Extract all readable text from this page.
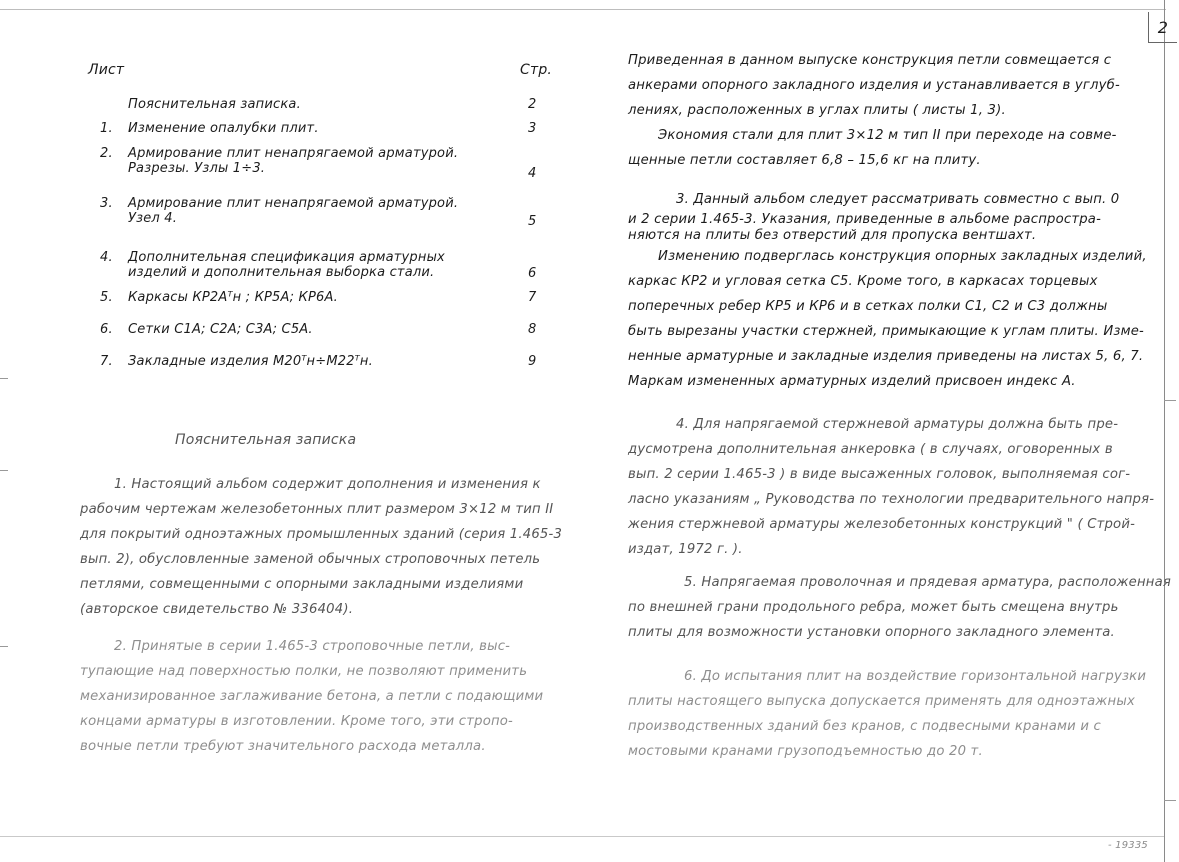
2
Лист	Стр.
Пояснительная записка.	2
1.	Изменение опалубки плит.	3
2.	Армирование плит ненапрягаемой арматурой. Разрезы. Узлы 1÷3.	4
3.	Армирование плит ненапрягаемой арматурой. Узел 4.	5
4.	Дополнительная спецификация арматурных изделий и дополнительная выборка стали.	6
5.	Каркасы КР2Аᵀн ; КР5А; КР6А.	7
6.	Сетки С1А; С2А; С3А; С5А.	8
7.	Закладные изделия М20ᵀн÷М22ᵀн.	9
Пояснительная записка
1. Настоящий альбом содержит дополнения и изменения к
рабочим чертежам железобетонных плит размером 3×12 м тип II
для покрытий одноэтажных промышленных зданий (серия 1.465-3
вып. 2), обусловленные заменой обычных строповочных петель
петлями, совмещенными с опорными закладными изделиями
(авторское свидетельство № 336404).
2. Принятые в серии 1.465-3 строповочные петли, выс-
тупающие над поверхностью полки, не позволяют применить
механизированное заглаживание бетона, а петли с подающими
концами арматуры в изготовлении. Кроме того, эти стропо-
вочные петли требуют значительного расхода металла.
Приведенная в данном выпуске конструкция петли совмещается с
анкерами опорного закладного изделия и устанавливается в углуб-
лениях, расположенных в углах плиты ( листы 1, 3).
Экономия стали для плит 3×12 м тип II при переходе на совме-
щенные петли составляет 6,8 – 15,6 кг на плиту.
3. Данный альбом следует рассматривать совместно с вып. 0
и 2 серии 1.465-3. Указания, приведенные в альбоме распростра-
няются на плиты без отверстий для пропуска вентшахт.
Изменению подверглась конструкция опорных закладных изделий,
каркас КР2 и угловая сетка С5. Кроме того, в каркасах торцевых
поперечных ребер КР5 и КР6 и в сетках полки С1, С2 и С3 должны
быть вырезаны участки стержней, примыкающие к углам плиты. Изме-
ненные арматурные и закладные изделия приведены на листах 5, 6, 7.
Маркам измененных арматурных изделий присвоен индекс А.
4. Для напрягаемой стержневой арматуры должна быть пре-
дусмотрена дополнительная анкеровка ( в случаях, оговоренных в
вып. 2 серии 1.465-3 ) в виде высаженных головок, выполняемая сог-
ласно указаниям „ Руководства по технологии предварительного напря-
жения стержневой арматуры железобетонных конструкций " ( Строй-
издат, 1972 г. ).
5. Напрягаемая проволочная и прядевая арматура, расположенная
по внешней грани продольного ребра, может быть смещена внутрь
плиты для возможности установки опорного закладного элемента.
6. До испытания плит на воздействие горизонтальной нагрузки
плиты настоящего выпуска допускается применять для одноэтажных
производственных зданий без кранов, с подвесными кранами и с
мостовыми кранами грузоподъемностью до 20 т.
- 19335
